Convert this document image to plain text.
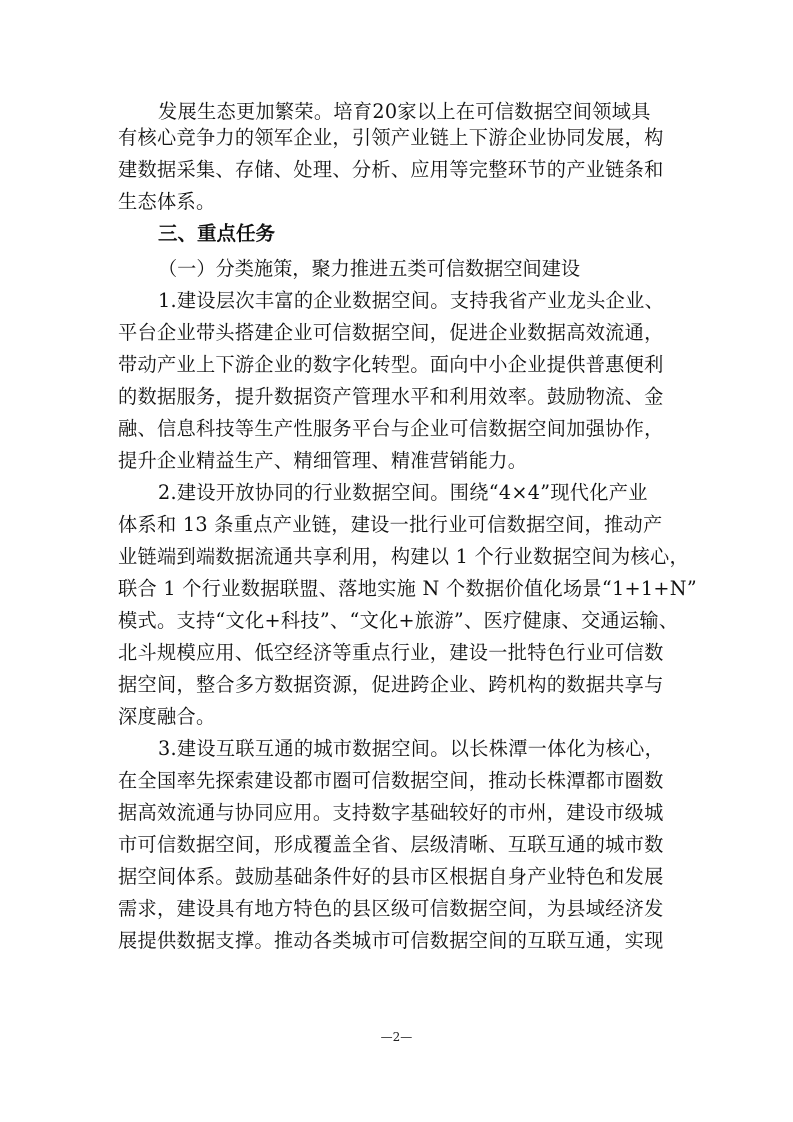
发展生态更加繁荣。培育20家以上在可信数据空间领域具
有核心竞争力的领军企业，引领产业链上下游企业协同发展，构
建数据采集、存储、处理、分析、应用等完整环节的产业链条和
生态体系。
三、重点任务
（一）分类施策，聚力推进五类可信数据空间建设
1.建设层次丰富的企业数据空间。支持我省产业龙头企业、
平台企业带头搭建企业可信数据空间，促进企业数据高效流通，
带动产业上下游企业的数字化转型。面向中小企业提供普惠便利
的数据服务，提升数据资产管理水平和利用效率。鼓励物流、金
融、信息科技等生产性服务平台与企业可信数据空间加强协作，
提升企业精益生产、精细管理、精准营销能力。
2.建设开放协同的行业数据空间。围绕“4×4”现代化产业
体系和 13 条重点产业链，建设一批行业可信数据空间，推动产
业链端到端数据流通共享利用，构建以 1 个行业数据空间为核心，
联合 1 个行业数据联盟、落地实施 N 个数据价值化场景“1+1+N”
模式。支持“文化+科技”、“文化+旅游”、医疗健康、交通运输、
北斗规模应用、低空经济等重点行业，建设一批特色行业可信数
据空间，整合多方数据资源，促进跨企业、跨机构的数据共享与
深度融合。
3.建设互联互通的城市数据空间。以长株潭一体化为核心，
在全国率先探索建设都市圈可信数据空间，推动长株潭都市圈数
据高效流通与协同应用。支持数字基础较好的市州，建设市级城
市可信数据空间，形成覆盖全省、层级清晰、互联互通的城市数
据空间体系。鼓励基础条件好的县市区根据自身产业特色和发展
需求，建设具有地方特色的县区级可信数据空间，为县域经济发
展提供数据支撑。推动各类城市可信数据空间的互联互通，实现
—2—
